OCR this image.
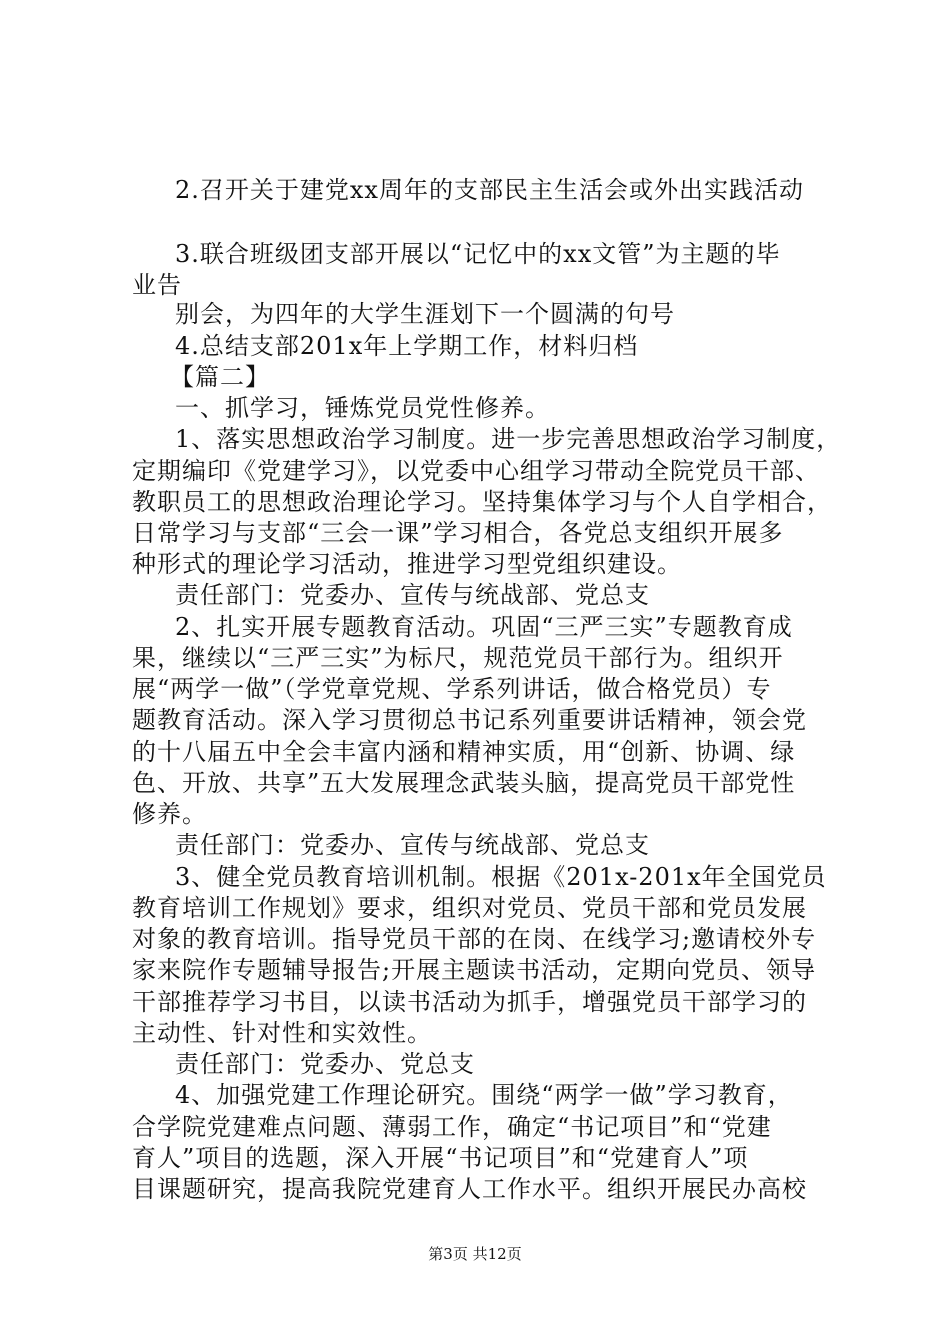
2.召开关于建党xx周年的支部民主生活会或外出实践活动
3.联合班级团支部开展以“记忆中的xx文管”为主题的毕
业告
别会，为四年的大学生涯划下一个圆满的句号
4.总结支部201x年上学期工作，材料归档
【篇二】
一、抓学习，锤炼党员党性修养。
1、落实思想政治学习制度。进一步完善思想政治学习制度，
定期编印《党建学习》，以党委中心组学习带动全院党员干部、
教职员工的思想政治理论学习。坚持集体学习与个人自学相合，
日常学习与支部“三会一课”学习相合，各党总支组织开展多
种形式的理论学习活动，推进学习型党组织建设。
责任部门：党委办、宣传与统战部、党总支
2、扎实开展专题教育活动。巩固“三严三实”专题教育成
果，继续以“三严三实”为标尺，规范党员干部行为。组织开
展“两学一做”（学党章党规、学系列讲话，做合格党员）专
题教育活动。深入学习贯彻总书记系列重要讲话精神，领会党
的十八届五中全会丰富内涵和精神实质，用“创新、协调、绿
色、开放、共享”五大发展理念武装头脑，提高党员干部党性
修养。
责任部门：党委办、宣传与统战部、党总支
3、健全党员教育培训机制。根据《201x-201x年全国党员
教育培训工作规划》要求，组织对党员、党员干部和党员发展
对象的教育培训。指导党员干部的在岗、在线学习;邀请校外专
家来院作专题辅导报告;开展主题读书活动，定期向党员、领导
干部推荐学习书目，以读书活动为抓手，增强党员干部学习的
主动性、针对性和实效性。
责任部门：党委办、党总支
4、加强党建工作理论研究。围绕“两学一做”学习教育，
合学院党建难点问题、薄弱工作，确定“书记项目”和“党建
育人”项目的选题，深入开展“书记项目”和“党建育人”项
目课题研究，提高我院党建育人工作水平。组织开展民办高校
第3页 共12页
